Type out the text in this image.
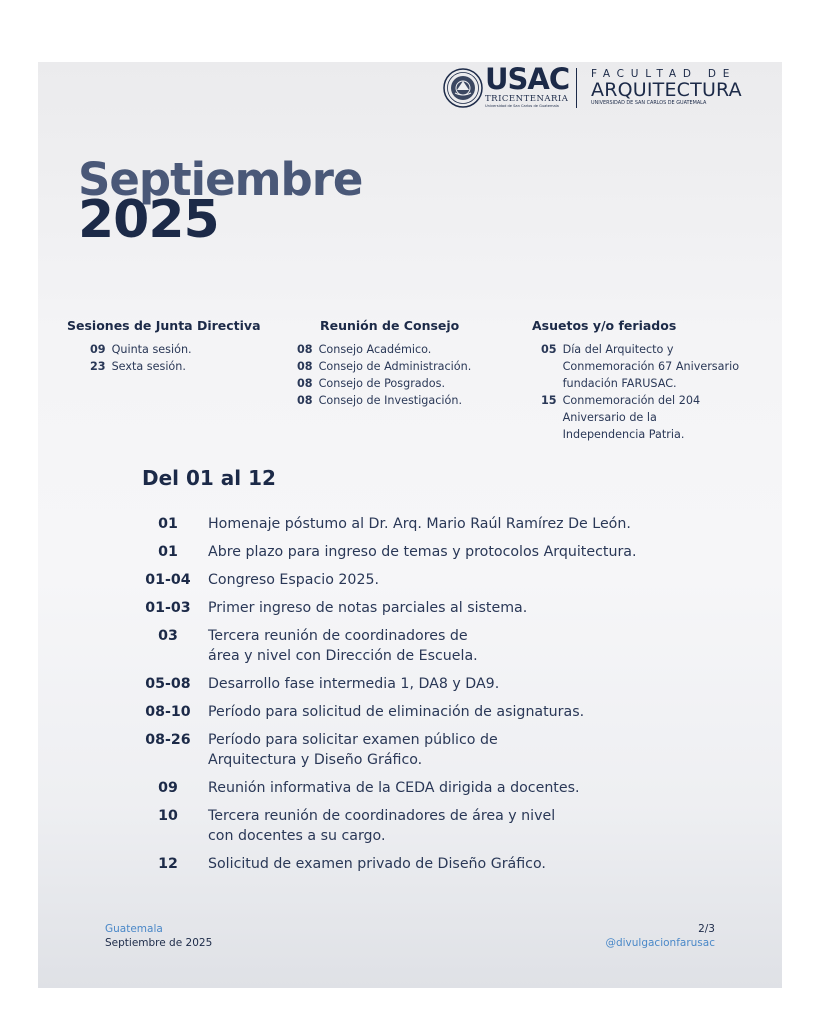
USAC
TRICENTENARIA
Universidad de San Carlos de Guatemala
FACULTAD DE
ARQUITECTURA
UNIVERSIDAD DE SAN CARLOS DE GUATEMALA
Septiembre
2025
Sesiones de Junta Directiva
09 Quinta sesión.
23 Sexta sesión.
Reunión de Consejo
08 Consejo Académico.
08 Consejo de Administración.
08 Consejo de Posgrados.
08 Consejo de Investigación.
Asuetos y/o feriados
05 Día del Arquitecto y Conmemoración 67 Aniversario fundación FARUSAC.
15 Conmemoración del 204 Aniversario de la Independencia Patria.
Del 01 al 12
01	Homenaje póstumo al Dr. Arq. Mario Raúl Ramírez De León.
01	Abre plazo para ingreso de temas y protocolos Arquitectura.
01-04	Congreso Espacio 2025.
01-03	Primer ingreso de notas parciales al sistema.
03	Tercera reunión de coordinadores de área y nivel con Dirección de Escuela.
05-08	Desarrollo fase intermedia 1, DA8 y DA9.
08-10	Período para solicitud de eliminación de asignaturas.
08-26	Período para solicitar examen público de Arquitectura y Diseño Gráfico.
09	Reunión informativa de la CEDA dirigida a docentes.
10	Tercera reunión de coordinadores de área y nivel con docentes a su cargo.
12	Solicitud de examen privado de Diseño Gráfico.
Guatemala
Septiembre de 2025
2/3
@divulgacionfarusac
